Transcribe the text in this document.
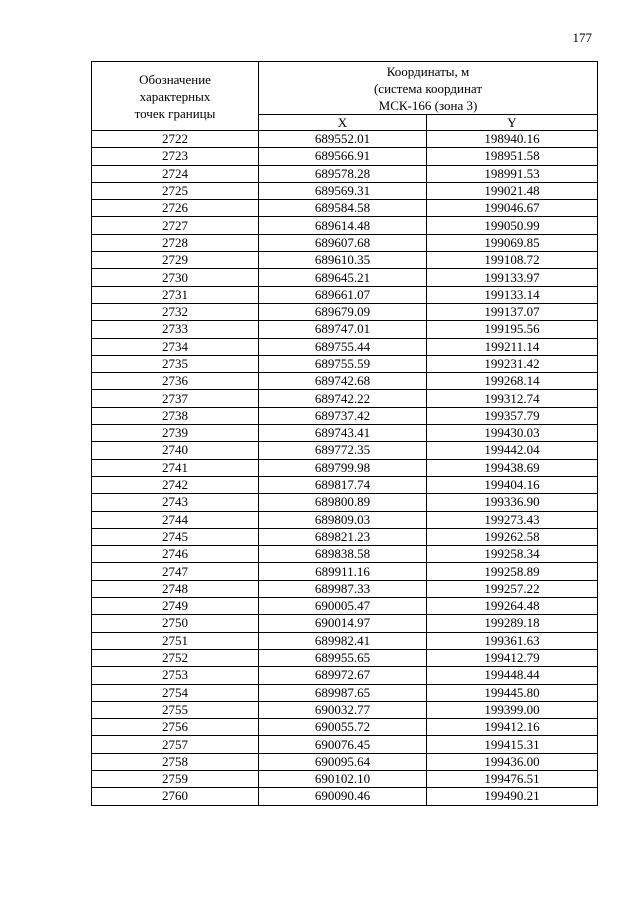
177
Обозначение
характерных
точек границы	Координаты, м
(система координат
МСК-166 (зона 3)	

	X	Y
2722	689552.01	198940.16
2723	689566.91	198951.58
2724	689578.28	198991.53
2725	689569.31	199021.48
2726	689584.58	199046.67
2727	689614.48	199050.99
2728	689607.68	199069.85
2729	689610.35	199108.72
2730	689645.21	199133.97
2731	689661.07	199133.14
2732	689679.09	199137.07
2733	689747.01	199195.56
2734	689755.44	199211.14
2735	689755.59	199231.42
2736	689742.68	199268.14
2737	689742.22	199312.74
2738	689737.42	199357.79
2739	689743.41	199430.03
2740	689772.35	199442.04
2741	689799.98	199438.69
2742	689817.74	199404.16
2743	689800.89	199336.90
2744	689809.03	199273.43
2745	689821.23	199262.58
2746	689838.58	199258.34
2747	689911.16	199258.89
2748	689987.33	199257.22
2749	690005.47	199264.48
2750	690014.97	199289.18
2751	689982.41	199361.63
2752	689955.65	199412.79
2753	689972.67	199448.44
2754	689987.65	199445.80
2755	690032.77	199399.00
2756	690055.72	199412.16
2757	690076.45	199415.31
2758	690095.64	199436.00
2759	690102.10	199476.51
2760	690090.46	199490.21
